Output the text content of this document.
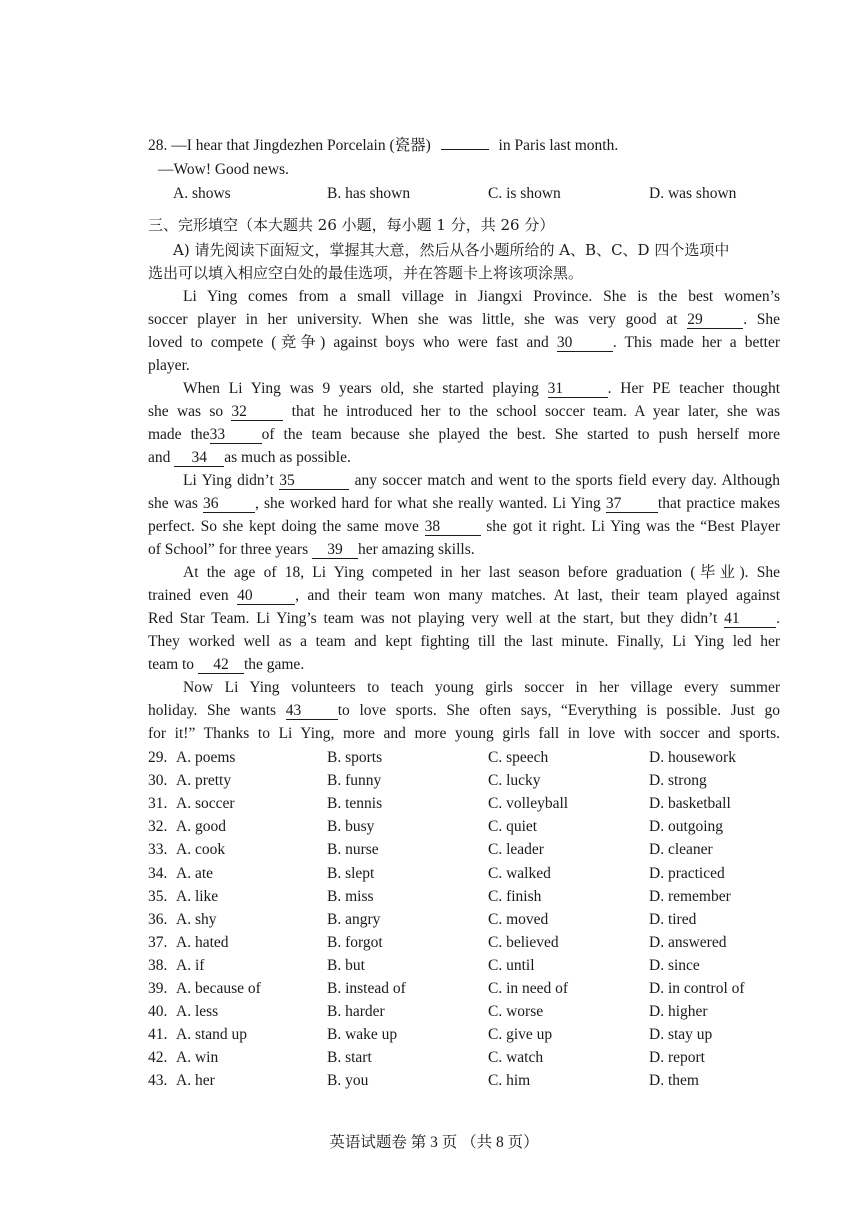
28. —I hear that Jingdezhen Porcelain (瓷器)	in Paris last month.
—Wow! Good news.
A. shows	B. has shown	C. is shown	D. was shown
三、完形填空（本大题共 26 小题，每小题 1 分，共 26 分）
A) 请先阅读下面短文，掌握其大意，然后从各小题所给的 A、B、C、D 四个选项中
选出可以填入相应空白处的最佳选项，并在答题卡上将该项涂黑。
Li Ying comes from a small village in Jiangxi Province. She is the best women’s
soccer player in her university. When she was little, she was very good at 29	. She
loved to compete (竞争) against boys who were fast and 30	. This made her a better
player.
When Li Ying was 9 years old, she started playing 31	. Her PE teacher thought
she was so 32	that he introduced her to the school soccer team. A year later, she was
made the33 of the team because she played the best. She started to push herself more
and 34 as much as possible.
Li Ying didn’t 35	any soccer match and went to the sports field every day. Although
she was 36 , she worked hard for what she really wanted. Li Ying 37 that practice makes
perfect. So she kept doing the same move 38	she got it right. Li Ying was the “Best Player
of School” for three years 39 her amazing skills.
At the age of 18, Li Ying competed in her last season before graduation (毕业). She
trained even 40	, and their team won many matches. At last, their team played against
Red Star Team. Li Ying’s team was not playing very well at the start, but they didn’t 41 .
They worked well as a team and kept fighting till the last minute. Finally, Li Ying led her
team to 42 the game.
Now Li Ying volunteers to teach young girls soccer in her village every summer
holiday. She wants 43 to love sports. She often says, “Everything is possible. Just go
for it!” Thanks to Li Ying, more and more young girls fall in love with soccer and sports.
29. A. poems	B. sports	C. speech	D. housework
30. A. pretty	B. funny	C. lucky	D. strong
31. A. soccer	B. tennis	C. volleyball	D. basketball
32. A. good	B. busy	C. quiet	D. outgoing
33. A. cook	B. nurse	C. leader	D. cleaner
34. A. ate	B. slept	C. walked	D. practiced
35. A. like	B. miss	C. finish	D. remember
36. A. shy	B. angry	C. moved	D. tired
37. A. hated	B. forgot	C. believed	D. answered
38. A. if	B. but	C. until	D. since
39. A. because of	B. instead of	C. in need of	D. in control of
40. A. less	B. harder	C. worse	D. higher
41. A. stand up	B. wake up	C. give up	D. stay up
42. A. win	B. start	C. watch	D. report
43. A. her	B. you	C. him	D. them
英语试题卷 第 3 页 （共 8 页）
